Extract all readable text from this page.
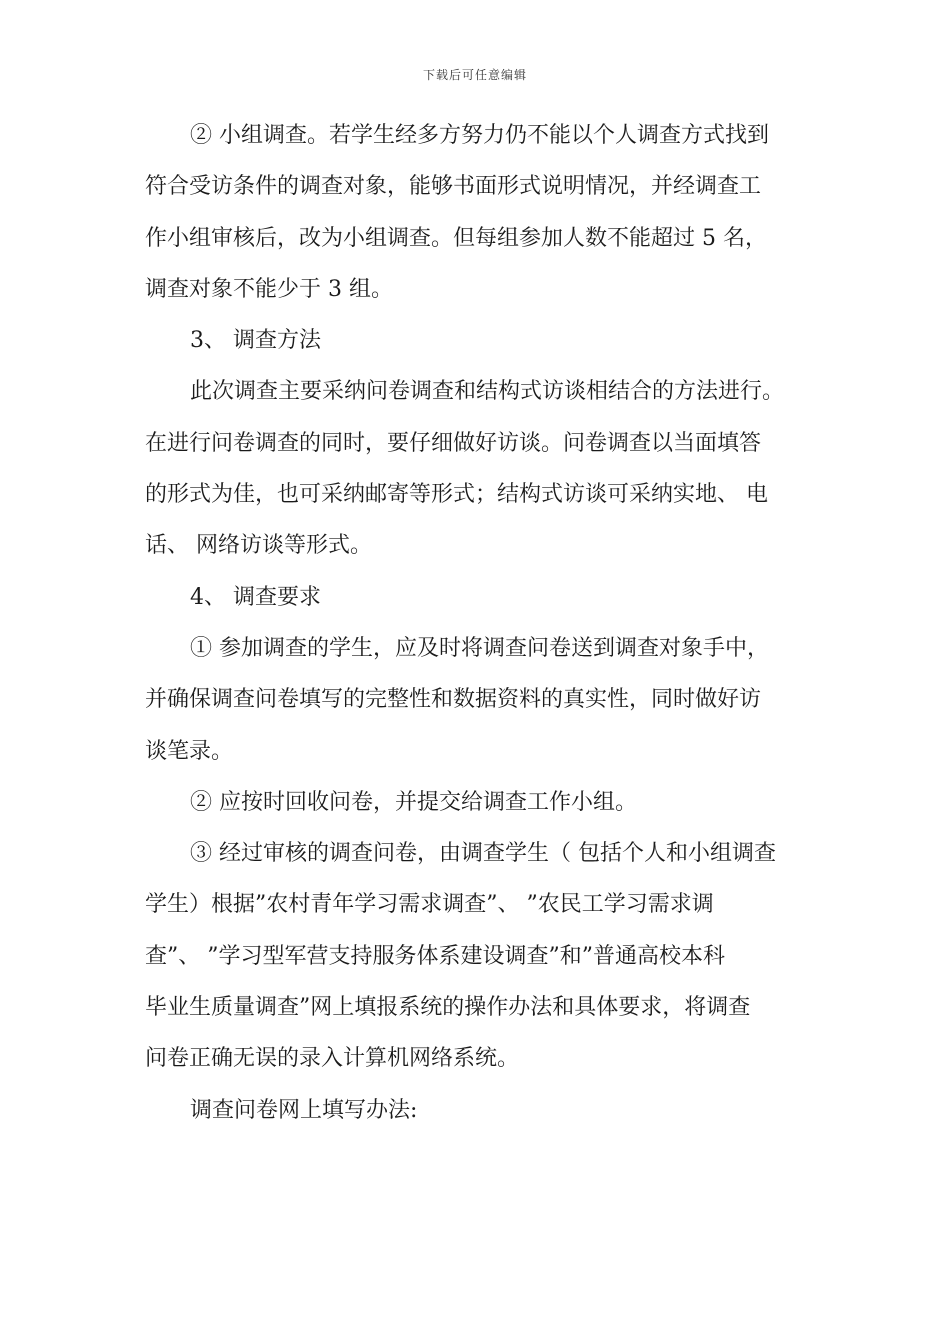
下载后可任意编辑
② 小组调查。若学生经多方努力仍不能以个人调查方式找到
符合受访条件的调查对象，能够书面形式说明情况，并经调查工
作小组审核后，改为小组调查。但每组参加人数不能超过 5 名，
调查对象不能少于 3 组。
3、 调查方法
此次调查主要采纳问卷调查和结构式访谈相结合的方法进行。
在进行问卷调查的同时，要仔细做好访谈。问卷调查以当面填答
的形式为佳，也可采纳邮寄等形式；结构式访谈可采纳实地、 电
话、 网络访谈等形式。
4、 调查要求
① 参加调查的学生，应及时将调查问卷送到调查对象手中，
并确保调查问卷填写的完整性和数据资料的真实性，同时做好访
谈笔录。
② 应按时回收问卷，并提交给调查工作小组。
③ 经过审核的调查问卷，由调查学生（ 包括个人和小组调查
学生）根据”农村青年学习需求调查”、 ”农民工学习需求调
查”、 ”学习型军营支持服务体系建设调查”和”普通高校本科
毕业生质量调查”网上填报系统的操作办法和具体要求，将调查
问卷正确无误的录入计算机网络系统。
调查问卷网上填写办法:
